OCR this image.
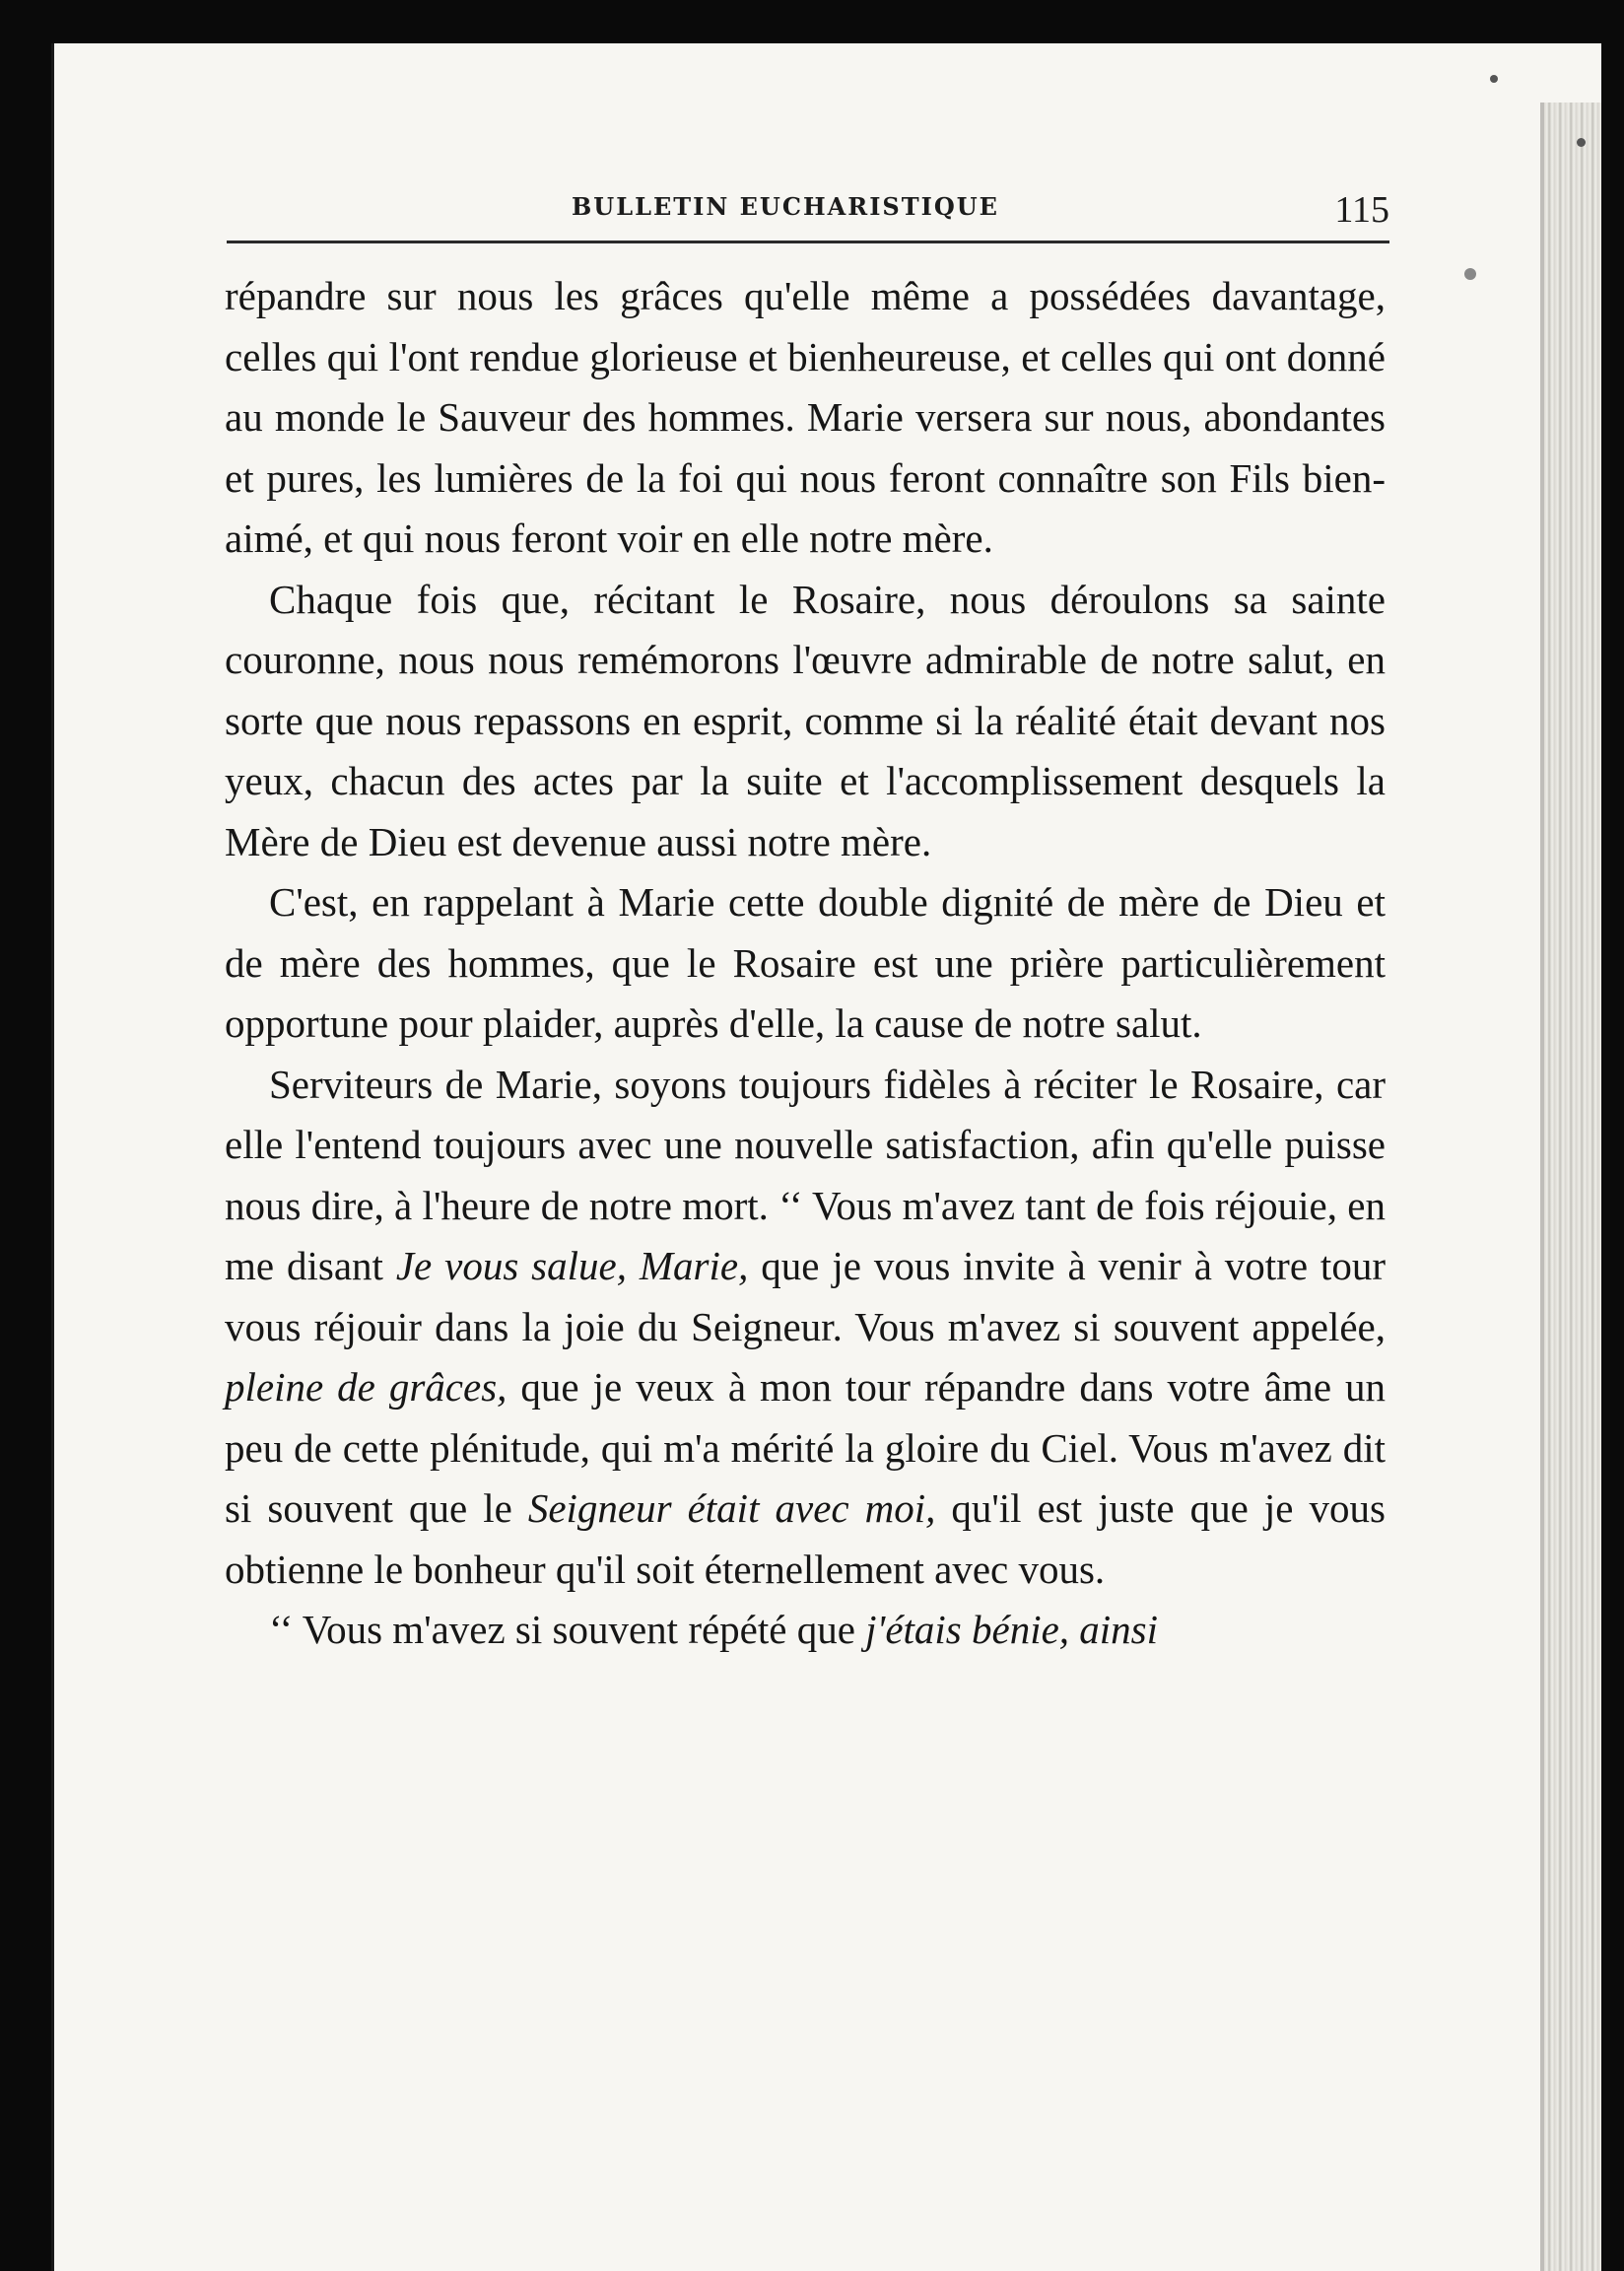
BULLETIN EUCHARISTIQUE	115

répandre sur nous les grâces qu'elle même a possédées davantage, celles qui l'ont rendue glorieuse et bienheureuse, et celles qui ont donné au monde le Sauveur des hommes. Marie versera sur nous, abondantes et pures, les lumières de la foi qui nous feront connaître son Fils bien-aimé, et qui nous feront voir en elle notre mère.

Chaque fois que, récitant le Rosaire, nous déroulons sa sainte couronne, nous nous remémorons l'œuvre admirable de notre salut, en sorte que nous repassons en esprit, comme si la réalité était devant nos yeux, chacun des actes par la suite et l'accomplissement desquels la Mère de Dieu est devenue aussi notre mère.

C'est, en rappelant à Marie cette double dignité de mère de Dieu et de mère des hommes, que le Rosaire est une prière particulièrement opportune pour plaider, auprès d'elle, la cause de notre salut.

Serviteurs de Marie, soyons toujours fidèles à réciter le Rosaire, car elle l'entend toujours avec une nouvelle satisfaction, afin qu'elle puisse nous dire, à l'heure de notre mort. ‘‘ Vous m'avez tant de fois réjouie, en me disant Je vous salue, Marie, que je vous invite à venir à votre tour vous réjouir dans la joie du Seigneur. Vous m'avez si souvent appelée, pleine de grâces, que je veux à mon tour répandre dans votre âme un peu de cette plénitude, qui m'a mérité la gloire du Ciel. Vous m'avez dit si souvent que le Seigneur était avec moi, qu'il est juste que je vous obtienne le bonheur qu'il soit éternellement avec vous.

‘‘ Vous m'avez si souvent répété que j'étais bénie, ainsi
